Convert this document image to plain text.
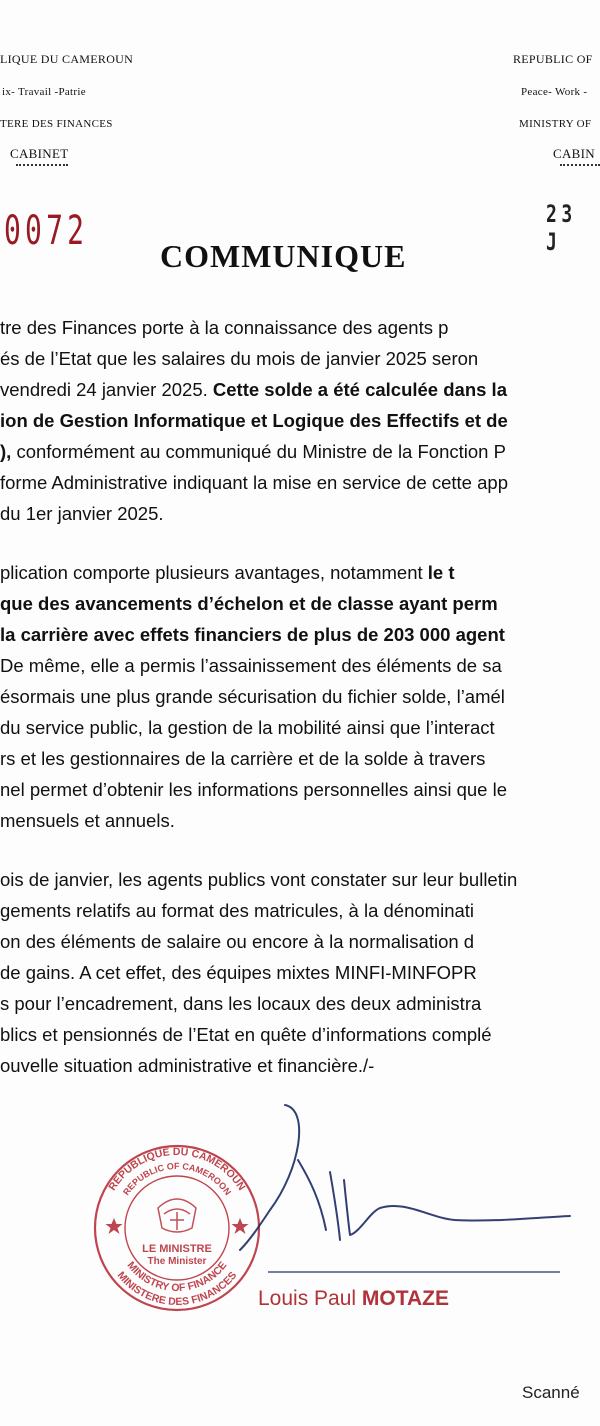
LIQUE DU CAMEROUN
ix- Travail -Patrie
TERE DES FINANCES
CABINET
REPUBLIC OF
Peace- Work -
MINISTRY OF
CABIN
0072	23 J
COMMUNIQUE
tre des Finances porte à la connaissance des agents p
és de l’Etat que les salaires du mois de janvier 2025 seron
vendredi 24 janvier 2025. Cette solde a été calculée dans la
ion de Gestion Informatique et Logique des Effectifs et de
), conformément au communiqué du Ministre de la Fonction P
forme Administrative indiquant la mise en service de cette app
du 1er janvier 2025.
plication comporte plusieurs avantages, notamment le t
que des avancements d’échelon et de classe ayant perm
la carrière avec effets financiers de plus de 203 000 agent
De même, elle a permis l’assainissement des éléments de sa
ésormais une plus grande sécurisation du fichier solde, l’amél
du service public, la gestion de la mobilité ainsi que l’interact
rs et les gestionnaires de la carrière et de la solde à travers
nel permet d’obtenir les informations personnelles ainsi que le
mensuels et annuels.
ois de janvier, les agents publics vont constater sur leur bulletin
gements relatifs au format des matricules, à la dénominati
on des éléments de salaire ou encore à la normalisation d
de gains. A cet effet, des équipes mixtes MINFI-MINFOPR
s pour l’encadrement, dans les locaux des deux administra
blics et pensionnés de l’Etat en quête d’informations complé
ouvelle situation administrative et financière./-
REPUBLIQUE DU CAMEROUN
REPUBLIC OF CAMEROON
MINISTRY OF FINANCE
MINISTERE DES FINANCES
LE MINISTRE
The Minister
Louis Paul MOTAZE
Scanné
